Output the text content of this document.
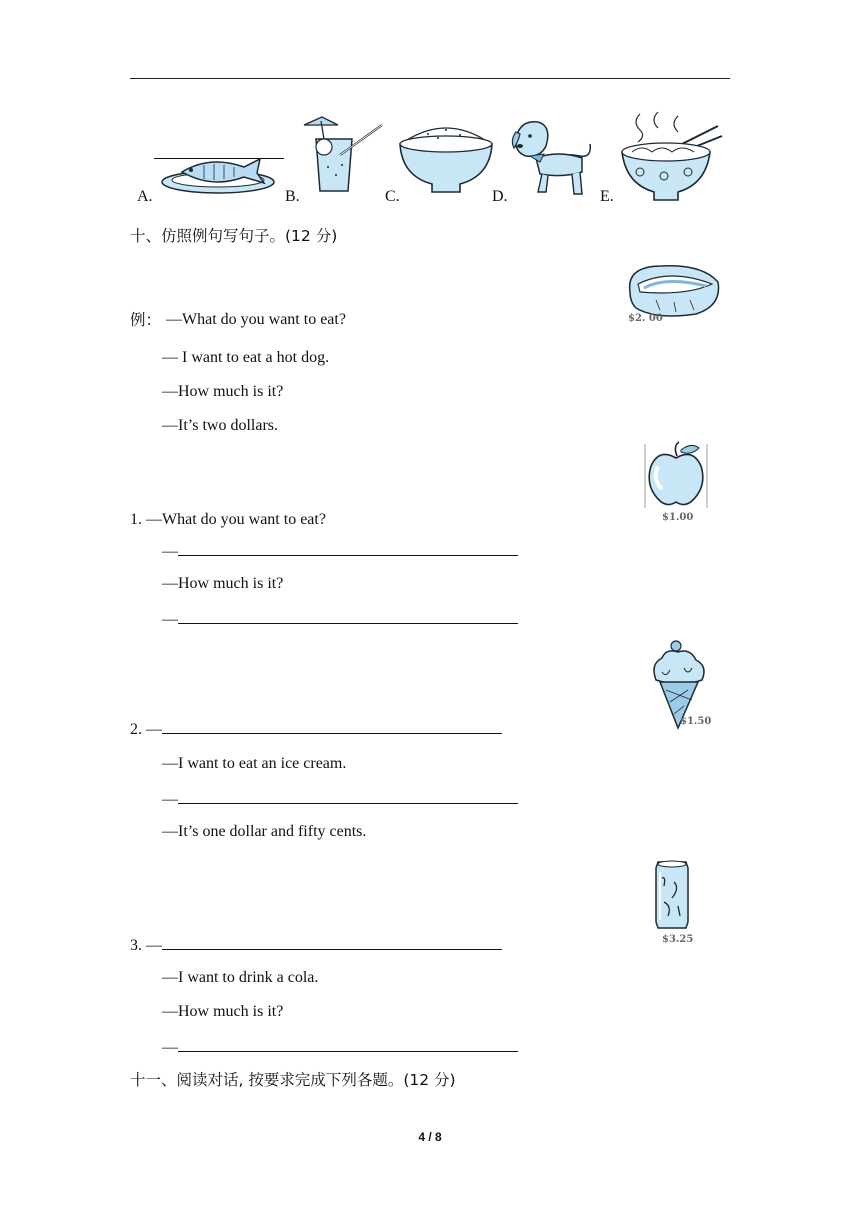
A.	B.	C.	D.	E.
十、仿照例句写句子。(12 分)
$2. 00
例： —What do you want to eat?
— I want to eat a hot dog.
—How much is it?
—It’s two dollars.
$1.00
1. —What do you want to eat?
—
—How much is it?
—
$1.50
2. —
—I want to eat an ice cream.
—
—It’s one dollar and fifty cents.
$3.25
3. —
—I want to drink a cola.
—How much is it?
—
十一、阅读对话, 按要求完成下列各题。(12 分)
4 / 8
